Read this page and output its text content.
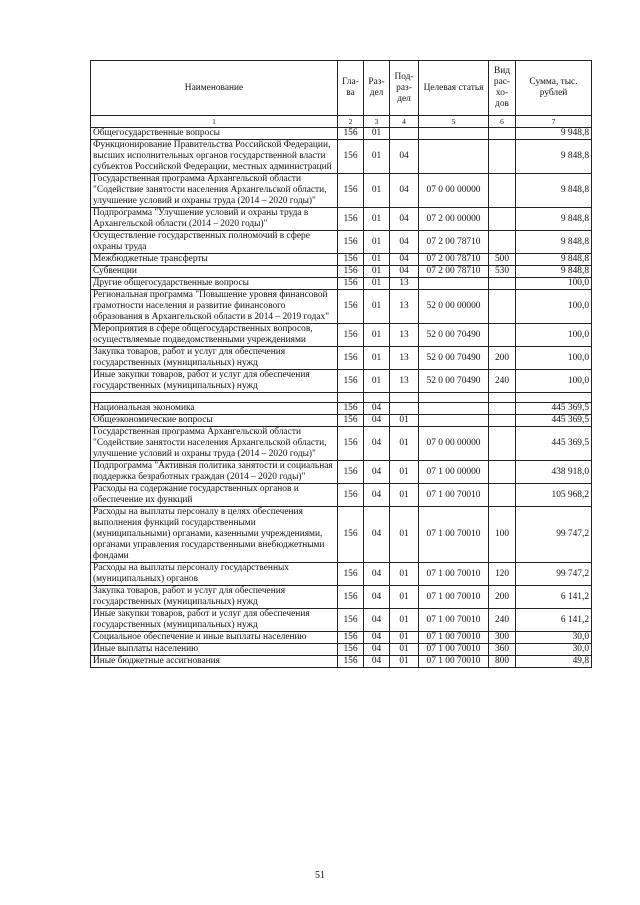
Наименование	Гла-ва	Раз-дел	Под-раз-дел	Целевая статья	Вид рас-хо-дов	Сумма, тыс. рублей
1	2	3	4	5	6	7
Общегосударственные вопросы	156	01				9 948,8
Функционирование Правительства Российской Федерации, высших исполнительных органов государственной власти субъектов Российской Федерации, местных администраций	156	01	04			9 848,8
Государственная программа Архангельской области "Содействие занятости населения Архангельской области, улучшение условий и охраны труда (2014 – 2020 годы)"	156	01	04	07 0 00 00000		9 848,8
Подпрограмма "Улучшение условий и охраны труда в Архангельской области (2014 – 2020 годы)"	156	01	04	07 2 00 00000		9 848,8
Осуществление государственных полномочий в сфере охраны труда	156	01	04	07 2 00 78710		9 848,8
Межбюджетные трансферты	156	01	04	07 2 00 78710	500	9 848,8
Субвенции	156	01	04	07 2 00 78710	530	9 848,8
Другие общегосударственные вопросы	156	01	13			100,0
Региональная программа "Повышение уровня финансовой грамотности населения и развитие финансового образования в Архангельской области в 2014 – 2019 годах"	156	01	13	52 0 00 00000		100,0
Мероприятия в сфере общегосударственных вопросов, осуществляемые подведомственными учреждениями	156	01	13	52 0 00 70490		100,0
Закупка товаров, работ и услуг для обеспечения государственных (муниципальных) нужд	156	01	13	52 0 00 70490	200	100,0
Иные закупки товаров, работ и услуг для обеспечения государственных (муниципальных) нужд	156	01	13	52 0 00 70490	240	100,0

Национальная экономика	156	04				445 369,5
Общеэкономические вопросы	156	04	01			445 369,5
Государственная программа Архангельской области "Содействие занятости населения Архангельской области, улучшение условий и охраны труда (2014 – 2020 годы)"	156	04	01	07 0 00 00000		445 369,5
Подпрограмма "Активная политика занятости и социальная поддержка безработных граждан (2014 – 2020 годы)"	156	04	01	07 1 00 00000		438 918,0
Расходы на содержание государственных органов и обеспечение их функций	156	04	01	07 1 00 70010		105 968,2
Расходы на выплаты персоналу в целях обеспечения выполнения функций государственными (муниципальными) органами, казенными учреждениями, органами управления государственными внебюджетными фондами	156	04	01	07 1 00 70010	100	99 747,2
Расходы на выплаты персоналу государственных (муниципальных) органов	156	04	01	07 1 00 70010	120	99 747,2
Закупка товаров, работ и услуг для обеспечения государственных (муниципальных) нужд	156	04	01	07 1 00 70010	200	6 141,2
Иные закупки товаров, работ и услуг для обеспечения государственных (муниципальных) нужд	156	04	01	07 1 00 70010	240	6 141,2
Социальное обеспечение и иные выплаты населению	156	04	01	07 1 00 70010	300	30,0
Иные выплаты населению	156	04	01	07 1 00 70010	360	30,0
Иные бюджетные ассигнования	156	04	01	07 1 00 70010	800	49,8
51
